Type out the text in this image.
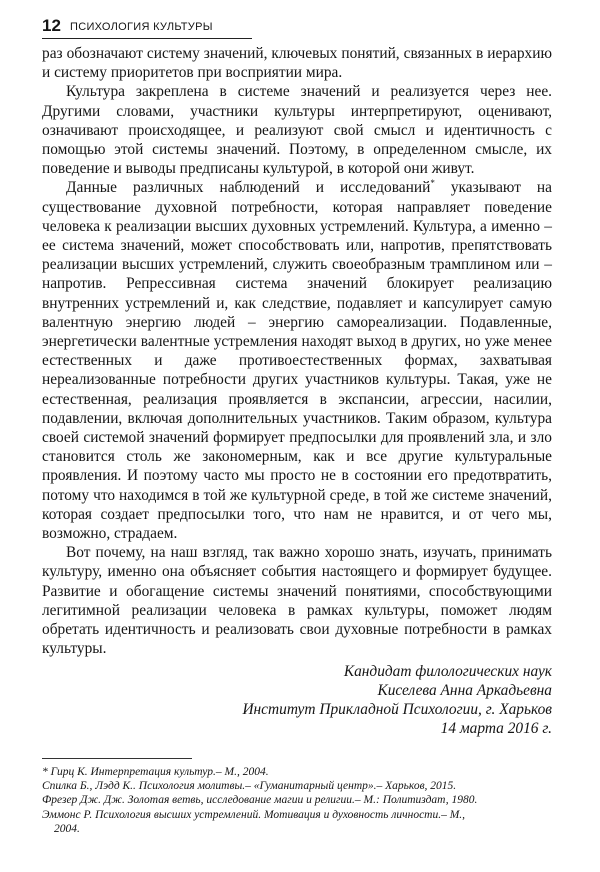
12 ПСИХОЛОГИЯ КУЛЬТУРЫ

раз обозначают систему значений, ключевых понятий, связанных в иерархию и систему приоритетов при восприятии мира.

Культура закреплена в системе значений и реализуется через нее. Другими словами, участники культуры интерпретируют, оценивают, означивают происходящее, и реализуют свой смысл и идентичность с помощью этой системы значений. Поэтому, в определенном смысле, их поведение и выводы предписаны культурой, в которой они живут.

Данные различных наблюдений и исследований* указывают на существование духовной потребности, которая направляет поведение человека к реализации высших духовных устремлений. Культура, а именно – ее система значений, может способствовать или, напротив, препятствовать реализации высших устремлений, служить своеобразным трамплином или – напротив. Репрессивная система значений блокирует реализацию внутренних устремлений и, как следствие, подавляет и капсулирует самую валентную энергию людей – энергию самореализации. Подавленные, энергетически валентные устремления находят выход в других, но уже менее естественных и даже противоестественных формах, захватывая нереализованные потребности других участников культуры. Такая, уже не естественная, реализация проявляется в экспансии, агрессии, насилии, подавлении, включая дополнительных участников. Таким образом, культура своей системой значений формирует предпосылки для проявлений зла, и зло становится столь же закономерным, как и все другие культуральные проявления. И поэтому часто мы просто не в состоянии его предотвратить, потому что находимся в той же культурной среде, в той же системе значений, которая создает предпосылки того, что нам не нравится, и от чего мы, возможно, страдаем.

Вот почему, на наш взгляд, так важно хорошо знать, изучать, принимать культуру, именно она объясняет события настоящего и формирует будущее. Развитие и обогащение системы значений понятиями, способствующими легитимной реализации человека в рамках культуры, поможет людям обретать идентичность и реализовать свои духовные потребности в рамках культуры.

Кандидат филологических наук
Киселева Анна Аркадьевна
Институт Прикладной Психологии, г. Харьков
14 марта 2016 г.
* Гирц К. Интерпретация культур.– М., 2004.
Спилка Б., Лэдд К.. Психология молитвы.– «Гуманитарный центр».– Харьков, 2015.
Фрезер Дж. Дж. Золотая ветвь, исследование магии и религии.– М.: Политиздат, 1980.
Эммонс Р. Психология высших устремлений. Мотивация и духовность личности.– М.,
2004.
